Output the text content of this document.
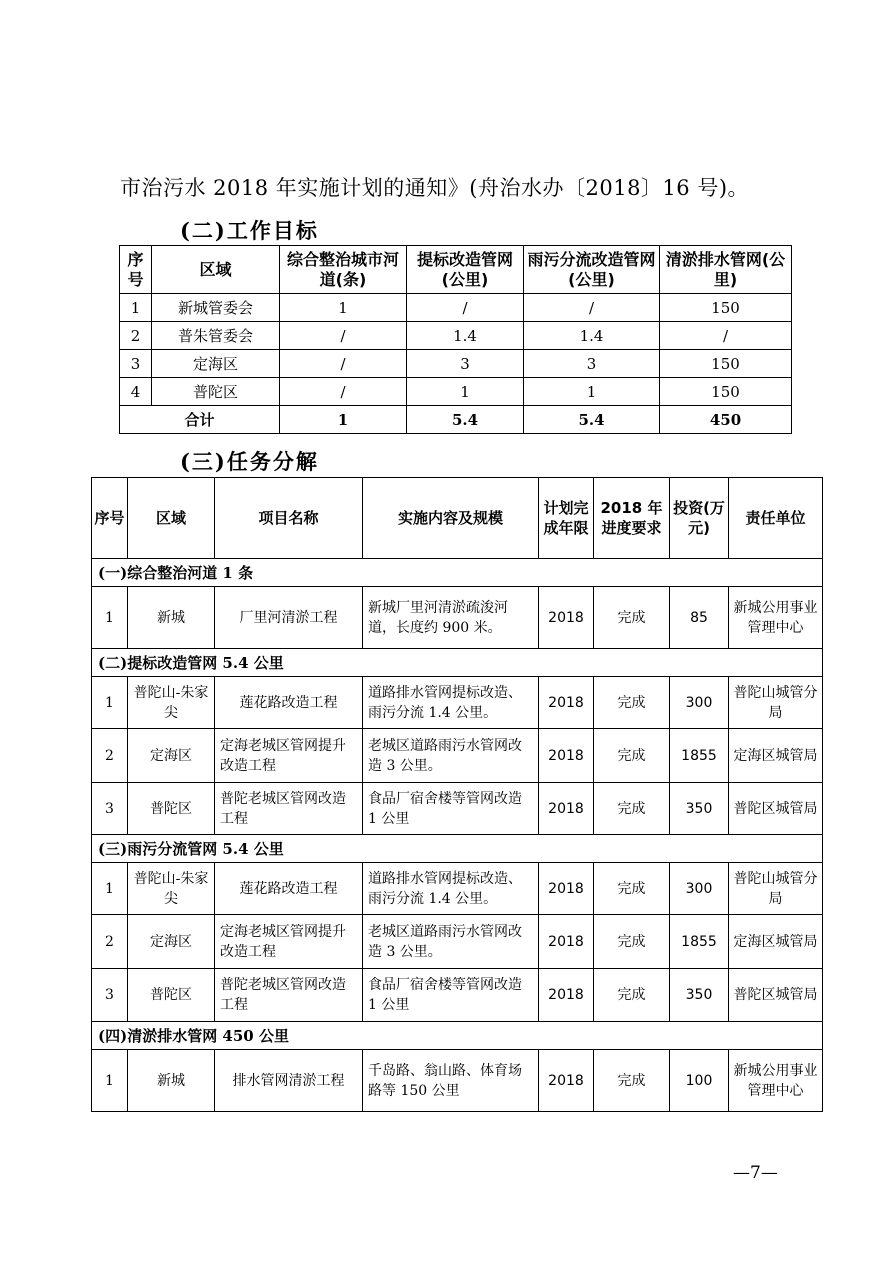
市治污水 2018 年实施计划的通知》(舟治水办〔2018〕16 号)。
(二)工作目标
序号	区域	综合整治城市河道(条)	提标改造管网(公里)	雨污分流改造管网(公里)	清淤排水管网(公里)
1	新城管委会	1	/	/	150
2	普朱管委会	/	1.4	1.4	/
3	定海区	/	3	3	150
4	普陀区	/	1	1	150
合计		1	5.4	5.4	450
(三)任务分解
序号	区域	项目名称	实施内容及规模	计划完成年限	2018 年进度要求	投资(万元)	责任单位
(一)综合整治河道 1 条							
1	新城	厂里河清淤工程	新城厂里河清淤疏浚河道，长度约 900 米。	2018	完成	85	新城公用事业管理中心
(二)提标改造管网 5.4 公里							
1	普陀山-朱家尖	莲花路改造工程	道路排水管网提标改造、雨污分流 1.4 公里。	2018	完成	300	普陀山城管分局
2	定海区	定海老城区管网提升改造工程	老城区道路雨污水管网改造 3 公里。	2018	完成	1855	定海区城管局
3	普陀区	普陀老城区管网改造工程	食品厂宿舍楼等管网改造 1 公里	2018	完成	350	普陀区城管局
(三)雨污分流管网 5.4 公里							
1	普陀山-朱家尖	莲花路改造工程	道路排水管网提标改造、雨污分流 1.4 公里。	2018	完成	300	普陀山城管分局
2	定海区	定海老城区管网提升改造工程	老城区道路雨污水管网改造 3 公里。	2018	完成	1855	定海区城管局
3	普陀区	普陀老城区管网改造工程	食品厂宿舍楼等管网改造 1 公里	2018	完成	350	普陀区城管局
(四)清淤排水管网 450 公里							
1	新城	排水管网清淤工程	千岛路、翁山路、体育场路等 150 公里	2018	完成	100	新城公用事业管理中心
—7—
